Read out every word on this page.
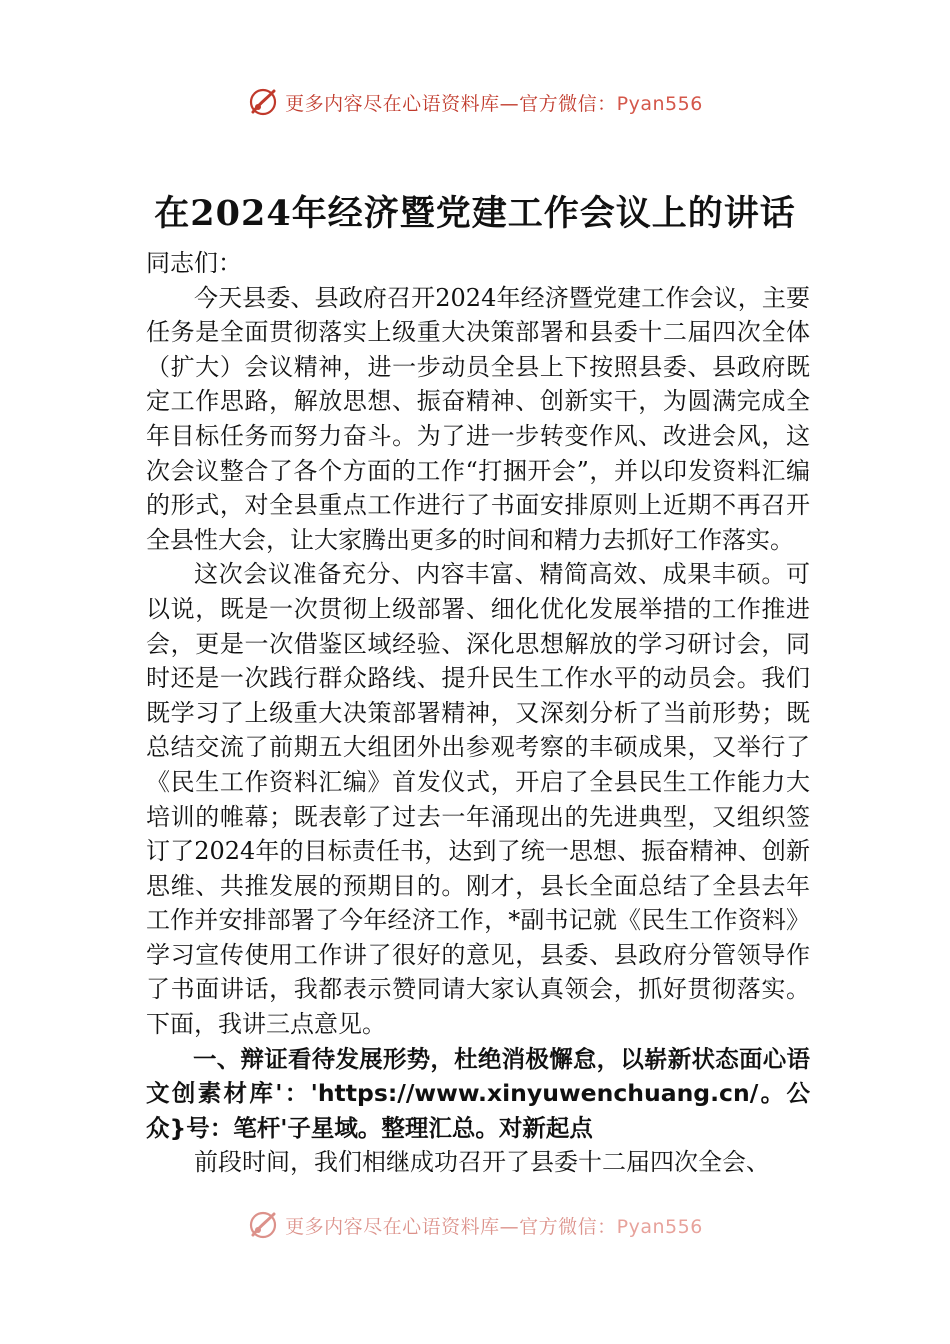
更多内容尽在心语资料库—官方微信：Pyan556
在2024年经济暨党建工作会议上的讲话

同志们：

今天县委、县政府召开2024年经济暨党建工作会议，主要任务是全面贯彻落实上级重大决策部署和县委十二届四次全体（扩大）会议精神，进一步动员全县上下按照县委、县政府既定工作思路，解放思想、振奋精神、创新实干，为圆满完成全年目标任务而努力奋斗。为了进一步转变作风、改进会风，这次会议整合了各个方面的工作“打捆开会”，并以印发资料汇编的形式，对全县重点工作进行了书面安排原则上近期不再召开全县性大会，让大家腾出更多的时间和精力去抓好工作落实。

这次会议准备充分、内容丰富、精简高效、成果丰硕。可以说，既是一次贯彻上级部署、细化优化发展举措的工作推进会，更是一次借鉴区域经验、深化思想解放的学习研讨会，同时还是一次践行群众路线、提升民生工作水平的动员会。我们既学习了上级重大决策部署精神，又深刻分析了当前形势；既总结交流了前期五大组团外出参观考察的丰硕成果，又举行了《民生工作资料汇编》首发仪式，开启了全县民生工作能力大培训的帷幕；既表彰了过去一年涌现出的先进典型，又组织签订了2024年的目标责任书，达到了统一思想、振奋精神、创新思维、共推发展的预期目的。刚才，县长全面总结了全县去年工作并安排部署了今年经济工作，*副书记就《民生工作资料》学习宣传使用工作讲了很好的意见，县委、县政府分管领导作了书面讲话，我都表示赞同请大家认真领会，抓好贯彻落实。下面，我讲三点意见。

一、辩证看待发展形势，杜绝消极懈怠，以崭新状态面心语文创素材库'：'https://www.xinyuwenchuang.cn/。公众}号：笔杆'子星域。整理汇总。对新起点

前段时间，我们相继成功召开了县委十二届四次全会、

更多内容尽在心语资料库—官方微信：Pyan556
